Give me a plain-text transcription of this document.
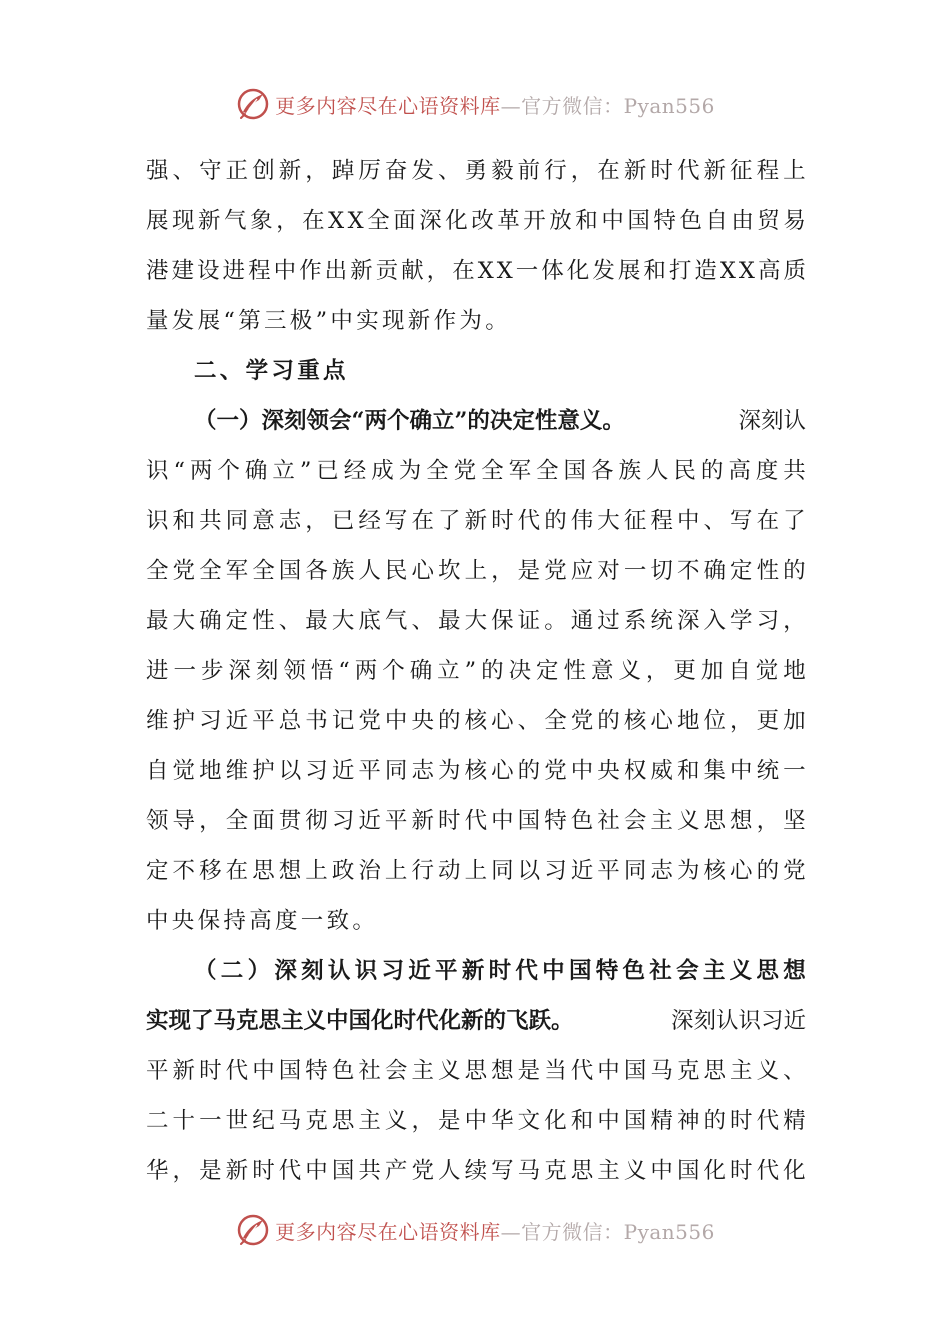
更多内容尽在心语资料库—官方微信：Pyan556
强 、 守 正 创 新 ， 踔 厉 奋 发 、 勇 毅 前 行 ， 在 新 时 代 新 征 程 上
展 现 新 气 象 ， 在 X X 全 面 深 化 改 革 开 放 和 中 国 特 色 自 由 贸 易
港 建 设 进 程 中 作 出 新 贡 献 ， 在 X X 一 体 化 发 展 和 打 造 X X 高 质
量发展“第三极”中实现新作为。
二、学习重点
（一）深刻领会“两个确立”的决定性意义。	深刻认
识 “ 两 个 确 立 ” 已 经 成 为 全 党 全 军 全 国 各 族 人 民 的 高 度 共
识 和 共 同 意 志 ， 已 经 写 在 了 新 时 代 的 伟 大 征 程 中 、 写 在 了
全 党 全 军 全 国 各 族 人 民 心 坎 上 ， 是 党 应 对 一 切 不 确 定 性 的
最 大 确 定 性 、 最 大 底 气 、 最 大 保 证 。 通 过 系 统 深 入 学 习 ，
进 一 步 深 刻 领 悟 “ 两 个 确 立 ” 的 决 定 性 意 义 ， 更 加 自 觉 地
维 护 习 近 平 总 书 记 党 中 央 的 核 心 、 全 党 的 核 心 地 位 ， 更 加
自 觉 地 维 护 以 习 近 平 同 志 为 核 心 的 党 中 央 权 威 和 集 中 统 一
领 导 ， 全 面 贯 彻 习 近 平 新 时 代 中 国 特 色 社 会 主 义 思 想 ， 坚
定 不 移 在 思 想 上 政 治 上 行 动 上 同 以 习 近 平 同 志 为 核 心 的 党
中央保持高度一致。
（ 二 ） 深 刻 认 识 习 近 平 新 时 代 中 国 特 色 社 会 主 义 思 想
实现了马克思主义中国化时代化新的飞跃。	深刻认识习近
平 新 时 代 中 国 特 色 社 会 主 义 思 想 是 当 代 中 国 马 克 思 主 义 、
二 十 一 世 纪 马 克 思 主 义 ， 是 中 华 文 化 和 中 国 精 神 的 时 代 精
华 ， 是 新 时 代 中 国 共 产 党 人 续 写 马 克 思 主 义 中 国 化 时 代 化
更多内容尽在心语资料库—官方微信：Pyan556
